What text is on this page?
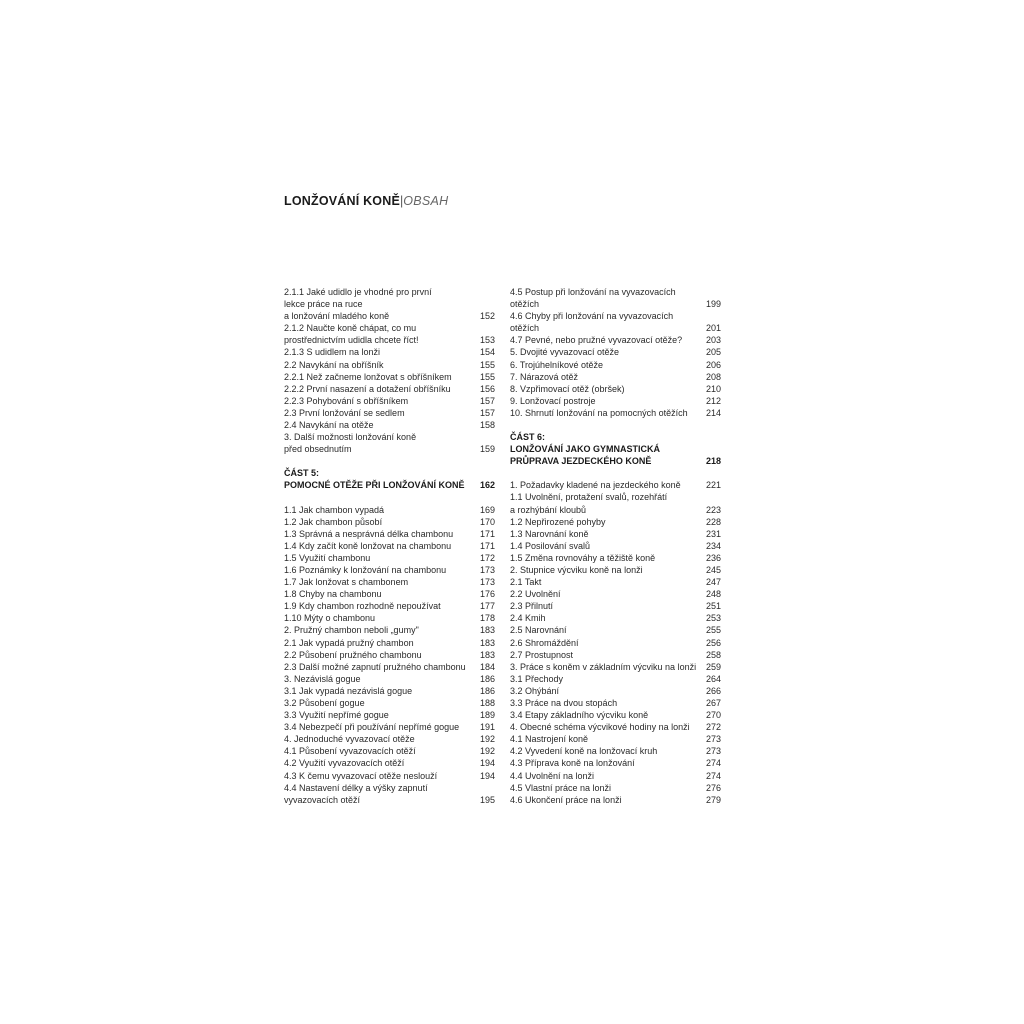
LONŽOVÁNÍ KONĚ|OBSAH
2.1.1 Jaké udidlo je vhodné pro první
lekce práce na ruce
a lonžování mladého koně	152
2.1.2 Naučte koně chápat, co mu
prostřednictvím udidla chcete říct!	153
2.1.3 S udidlem na lonži	154
2.2 Navykání na obříšník	155
2.2.1 Než začneme lonžovat s obříšníkem	155
2.2.2 První nasazení a dotažení obříšníku	156
2.2.3 Pohybování s obříšníkem	157
2.3 První lonžování se sedlem	157
2.4 Navykání na otěže	158
3. Další možnosti lonžování koně
před obsednutím	159
ČÁST 5:
POMOCNÉ OTĚŽE PŘI LONŽOVÁNÍ KONĚ	162
1.1 Jak chambon vypadá	169
1.2 Jak chambon působí	170
1.3 Správná a nesprávná délka chambonu	171
1.4 Kdy začít koně lonžovat na chambonu	171
1.5 Využití chambonu	172
1.6 Poznámky k lonžování na chambonu	173
1.7 Jak lonžovat s chambonem	173
1.8 Chyby na chambonu	176
1.9 Kdy chambon rozhodně nepoužívat	177
1.10 Mýty o chambonu	178
2. Pružný chambon neboli „gumy"	183
2.1 Jak vypadá pružný chambon	183
2.2 Působení pružného chambonu	183
2.3 Další možné zapnutí pružného chambonu	184
3. Nezávislá gogue	186
3.1 Jak vypadá nezávislá gogue	186
3.2 Působení gogue	188
3.3 Využití nepřímé gogue	189
3.4 Nebezpečí při používání nepřímé gogue	191
4. Jednoduché vyvazovací otěže	192
4.1 Působení vyvazovacích otěží	192
4.2 Využití vyvazovacích otěží	194
4.3 K čemu vyvazovací otěže neslouží	194
4.4 Nastavení délky a výšky zapnutí
vyvazovacích otěží	195
4.5 Postup při lonžování na vyvazovacích
otěžích	199
4.6 Chyby při lonžování na vyvazovacích
otěžích	201
4.7 Pevné, nebo pružné vyvazovací otěže?	203
5. Dvojité vyvazovací otěže	205
6. Trojúhelníkové otěže	206
7. Nárazová otěž	208
8. Vzpřimovací otěž (obršek)	210
9. Lonžovací postroje	212
10. Shrnutí lonžování na pomocných otěžích	214
ČÁST 6:
LONŽOVÁNÍ JAKO GYMNASTICKÁ
PRŮPRAVA JEZDECKÉHO KONĚ	218
1. Požadavky kladené na jezdeckého koně	221
1.1 Uvolnění, protažení svalů, rozehřátí
a rozhýbání kloubů	223
1.2 Nepřirozené pohyby	228
1.3 Narovnání koně	231
1.4 Posilování svalů	234
1.5 Změna rovnováhy a těžiště koně	236
2. Stupnice výcviku koně na lonži	245
2.1 Takt	247
2.2 Uvolnění	248
2.3 Přilnutí	251
2.4 Kmih	253
2.5 Narovnání	255
2.6 Shromáždění	256
2.7 Prostupnost	258
3. Práce s koněm v základním výcviku na lonži	259
3.1 Přechody	264
3.2 Ohýbání	266
3.3 Práce na dvou stopách	267
3.4 Etapy základního výcviku koně	270
4. Obecné schéma výcvikové hodiny na lonži	272
4.1 Nastrojení koně	273
4.2 Vyvedení koně na lonžovací kruh	273
4.3 Příprava koně na lonžování	274
4.4 Uvolnění na lonži	274
4.5 Vlastní práce na lonži	276
4.6 Ukončení práce na lonži	279
